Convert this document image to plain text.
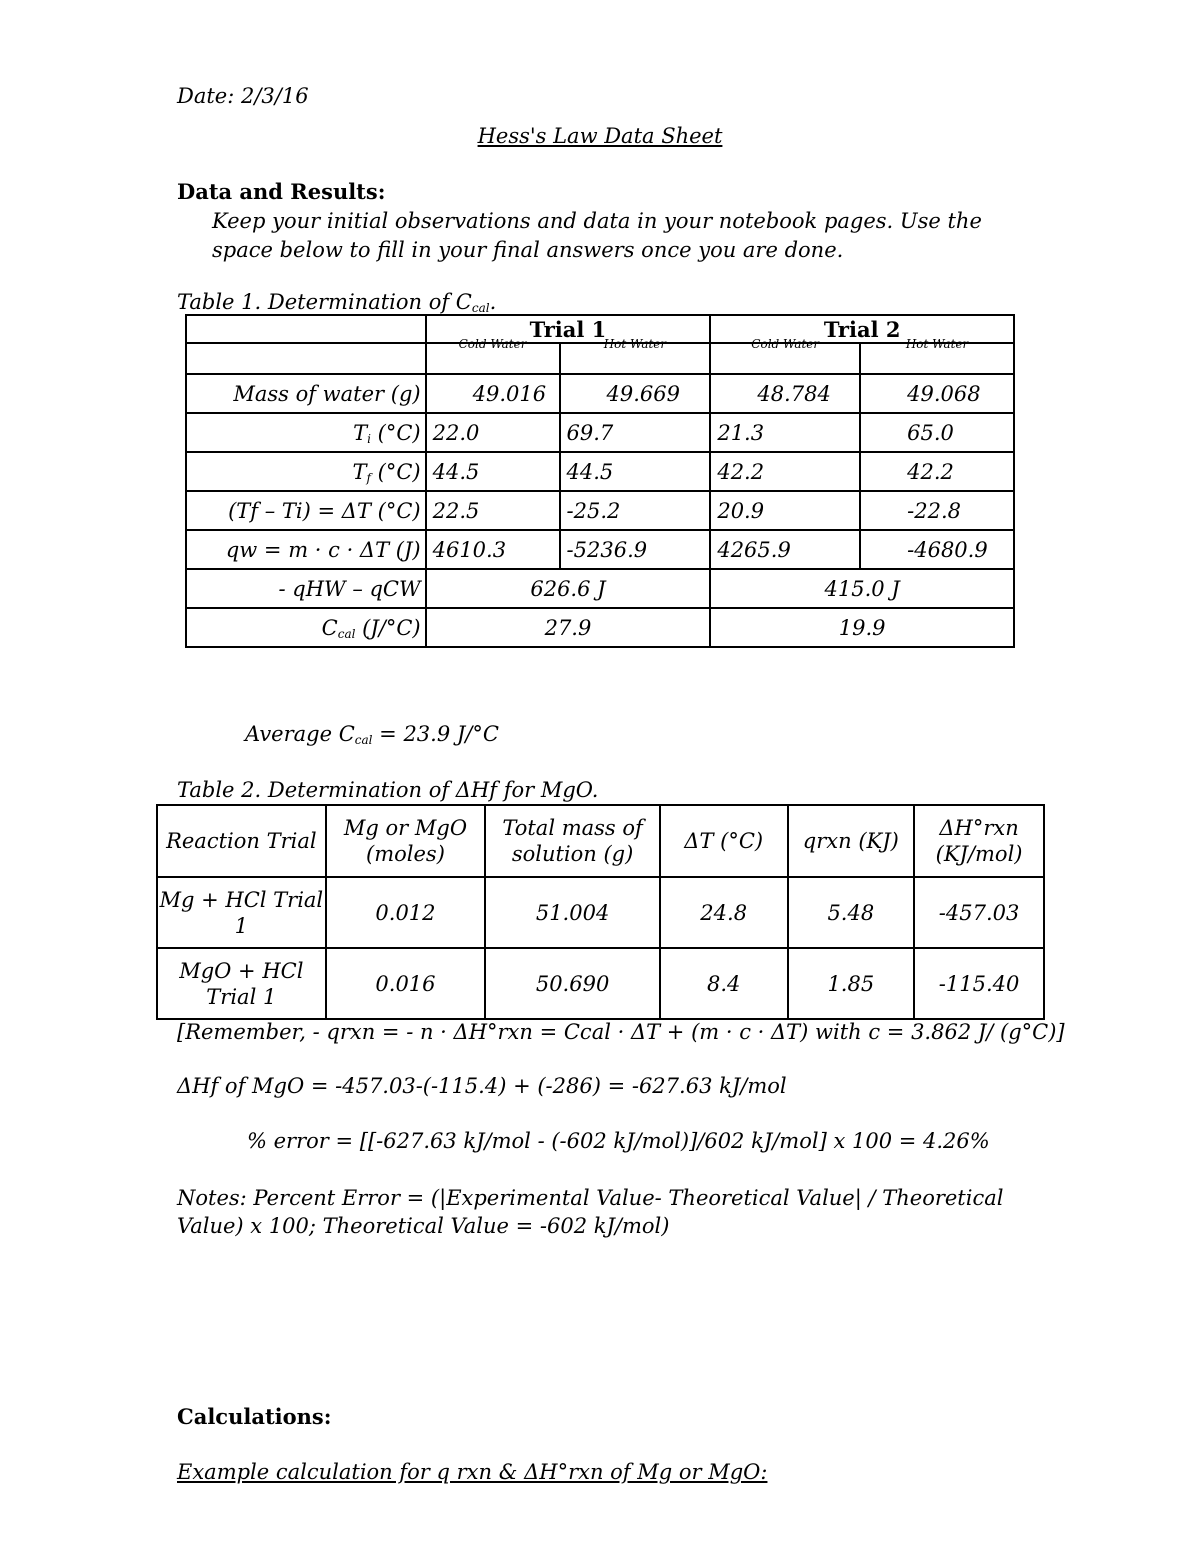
Date: 2/3/16
Hess's Law Data Sheet
Data and Results:
Keep your initial observations and data in your notebook pages. Use the space below to fill in your final answers once you are done.
Table 1. Determination of $C_{cal}$.
	Trial 1		Trial 2	
	Cold Water	Hot Water	Cold Water	Hot Water
Mass of water (g)	49.016	49.669	48.784	49.068
$T_i$ (°C)	22.0	69.7	21.3	65.0
$T_f$ (°C)	44.5	44.5	42.2	42.2
(Tf – Ti) = ΔT (°C)	22.5	-25.2	20.9	-22.8
qw = m · c · ΔT (J)	4610.3	-5236.9	4265.9	-4680.9
- qHW – qCW	626.6 J		415.0 J	
$C_{cal}$ (J/°C)	27.9		19.9	
Average $C_{cal} = 23.9$ J/°C
Table 2. Determination of ΔHf for MgO.
Reaction Trial	Mg or MgO (moles)	Total mass of solution (g)	ΔT (°C)	qrxn (KJ)	ΔH°rxn (KJ/mol)
Mg + HCl Trial 1	0.012	51.004	24.8	5.48	-457.03
MgO + HCl Trial 1	0.016	50.690	8.4	1.85	-115.40
[Remember, - qrxn = - n · ΔH°rxn = Ccal · ΔT + (m · c · ΔT) with c = 3.862 J/ (g°C)]
ΔHf of MgO = -457.03-(-115.4) + (-286) = -627.63 kJ/mol
% error = [[-627.63 kJ/mol - (-602 kJ/mol)]/602 kJ/mol] x 100 = 4.26%
Notes: Percent Error = (|Experimental Value- Theoretical Value| / Theoretical Value) x 100; Theoretical Value = -602 kJ/mol)
Calculations:
Example calculation for q rxn & ΔH°rxn of Mg or MgO:
